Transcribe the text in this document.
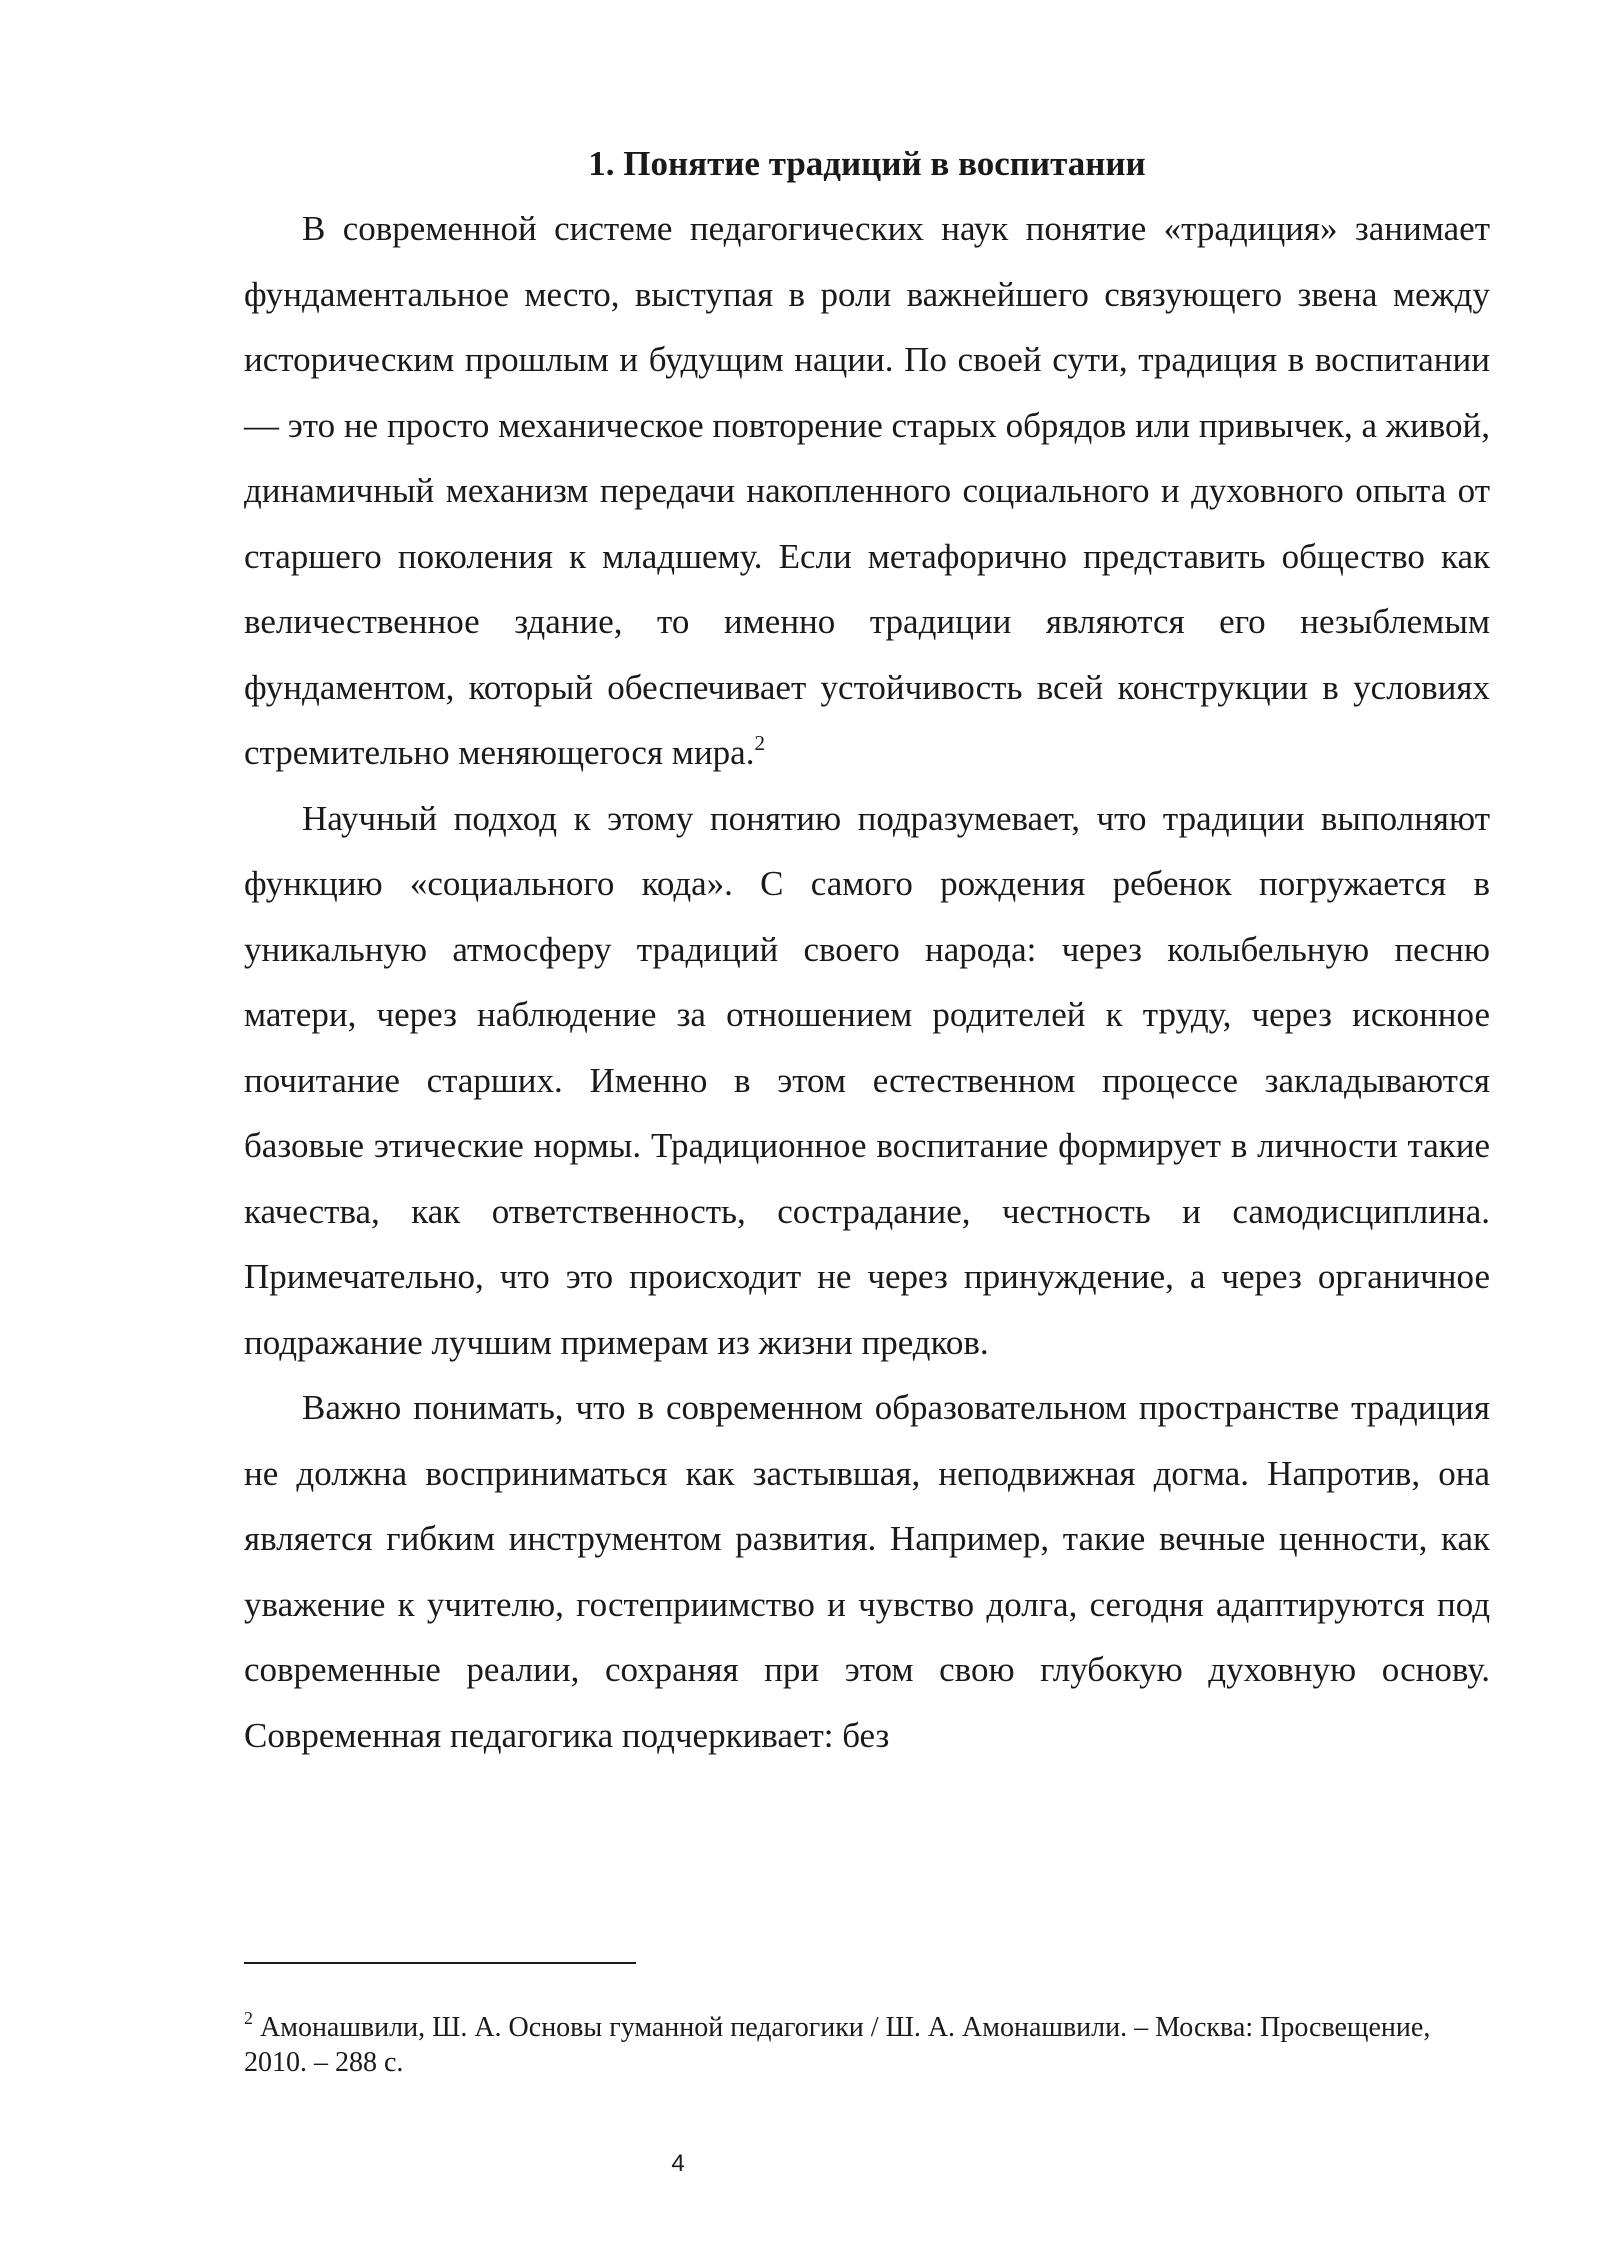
1. Понятие традиций в воспитании

В современной системе педагогических наук понятие «традиция» занимает фундаментальное место, выступая в роли важнейшего связующего звена между историческим прошлым и будущим нации. По своей сути, традиция в воспитании — это не просто механическое повторение старых обрядов или привычек, а живой, динамичный механизм передачи накопленного социального и духовного опыта от старшего поколения к младшему. Если метафорично представить общество как величественное здание, то именно традиции являются его незыблемым фундаментом, который обеспечивает устойчивость всей конструкции в условиях стремительно меняющегося мира.$^2$

Научный подход к этому понятию подразумевает, что традиции выполняют функцию «социального кода». С самого рождения ребенок погружается в уникальную атмосферу традиций своего народа: через колыбельную песню матери, через наблюдение за отношением родителей к труду, через исконное почитание старших. Именно в этом естественном процессе закладываются базовые этические нормы. Традиционное воспитание формирует в личности такие качества, как ответственность, сострадание, честность и самодисциплина. Примечательно, что это происходит не через принуждение, а через органичное подражание лучшим примерам из жизни предков.

Важно понимать, что в современном образовательном пространстве традиция не должна восприниматься как застывшая, неподвижная догма. Напротив, она является гибким инструментом развития. Например, такие вечные ценности, как уважение к учителю, гостеприимство и чувство долга, сегодня адаптируются под современные реалии, сохраняя при этом свою глубокую духовную основу. Современная педагогика подчеркивает: без

$^2$ Амонашвили, Ш. А. Основы гуманной педагогики / Ш. А. Амонашвили. – Москва: Просвещение, 2010. – 288 с.

4
